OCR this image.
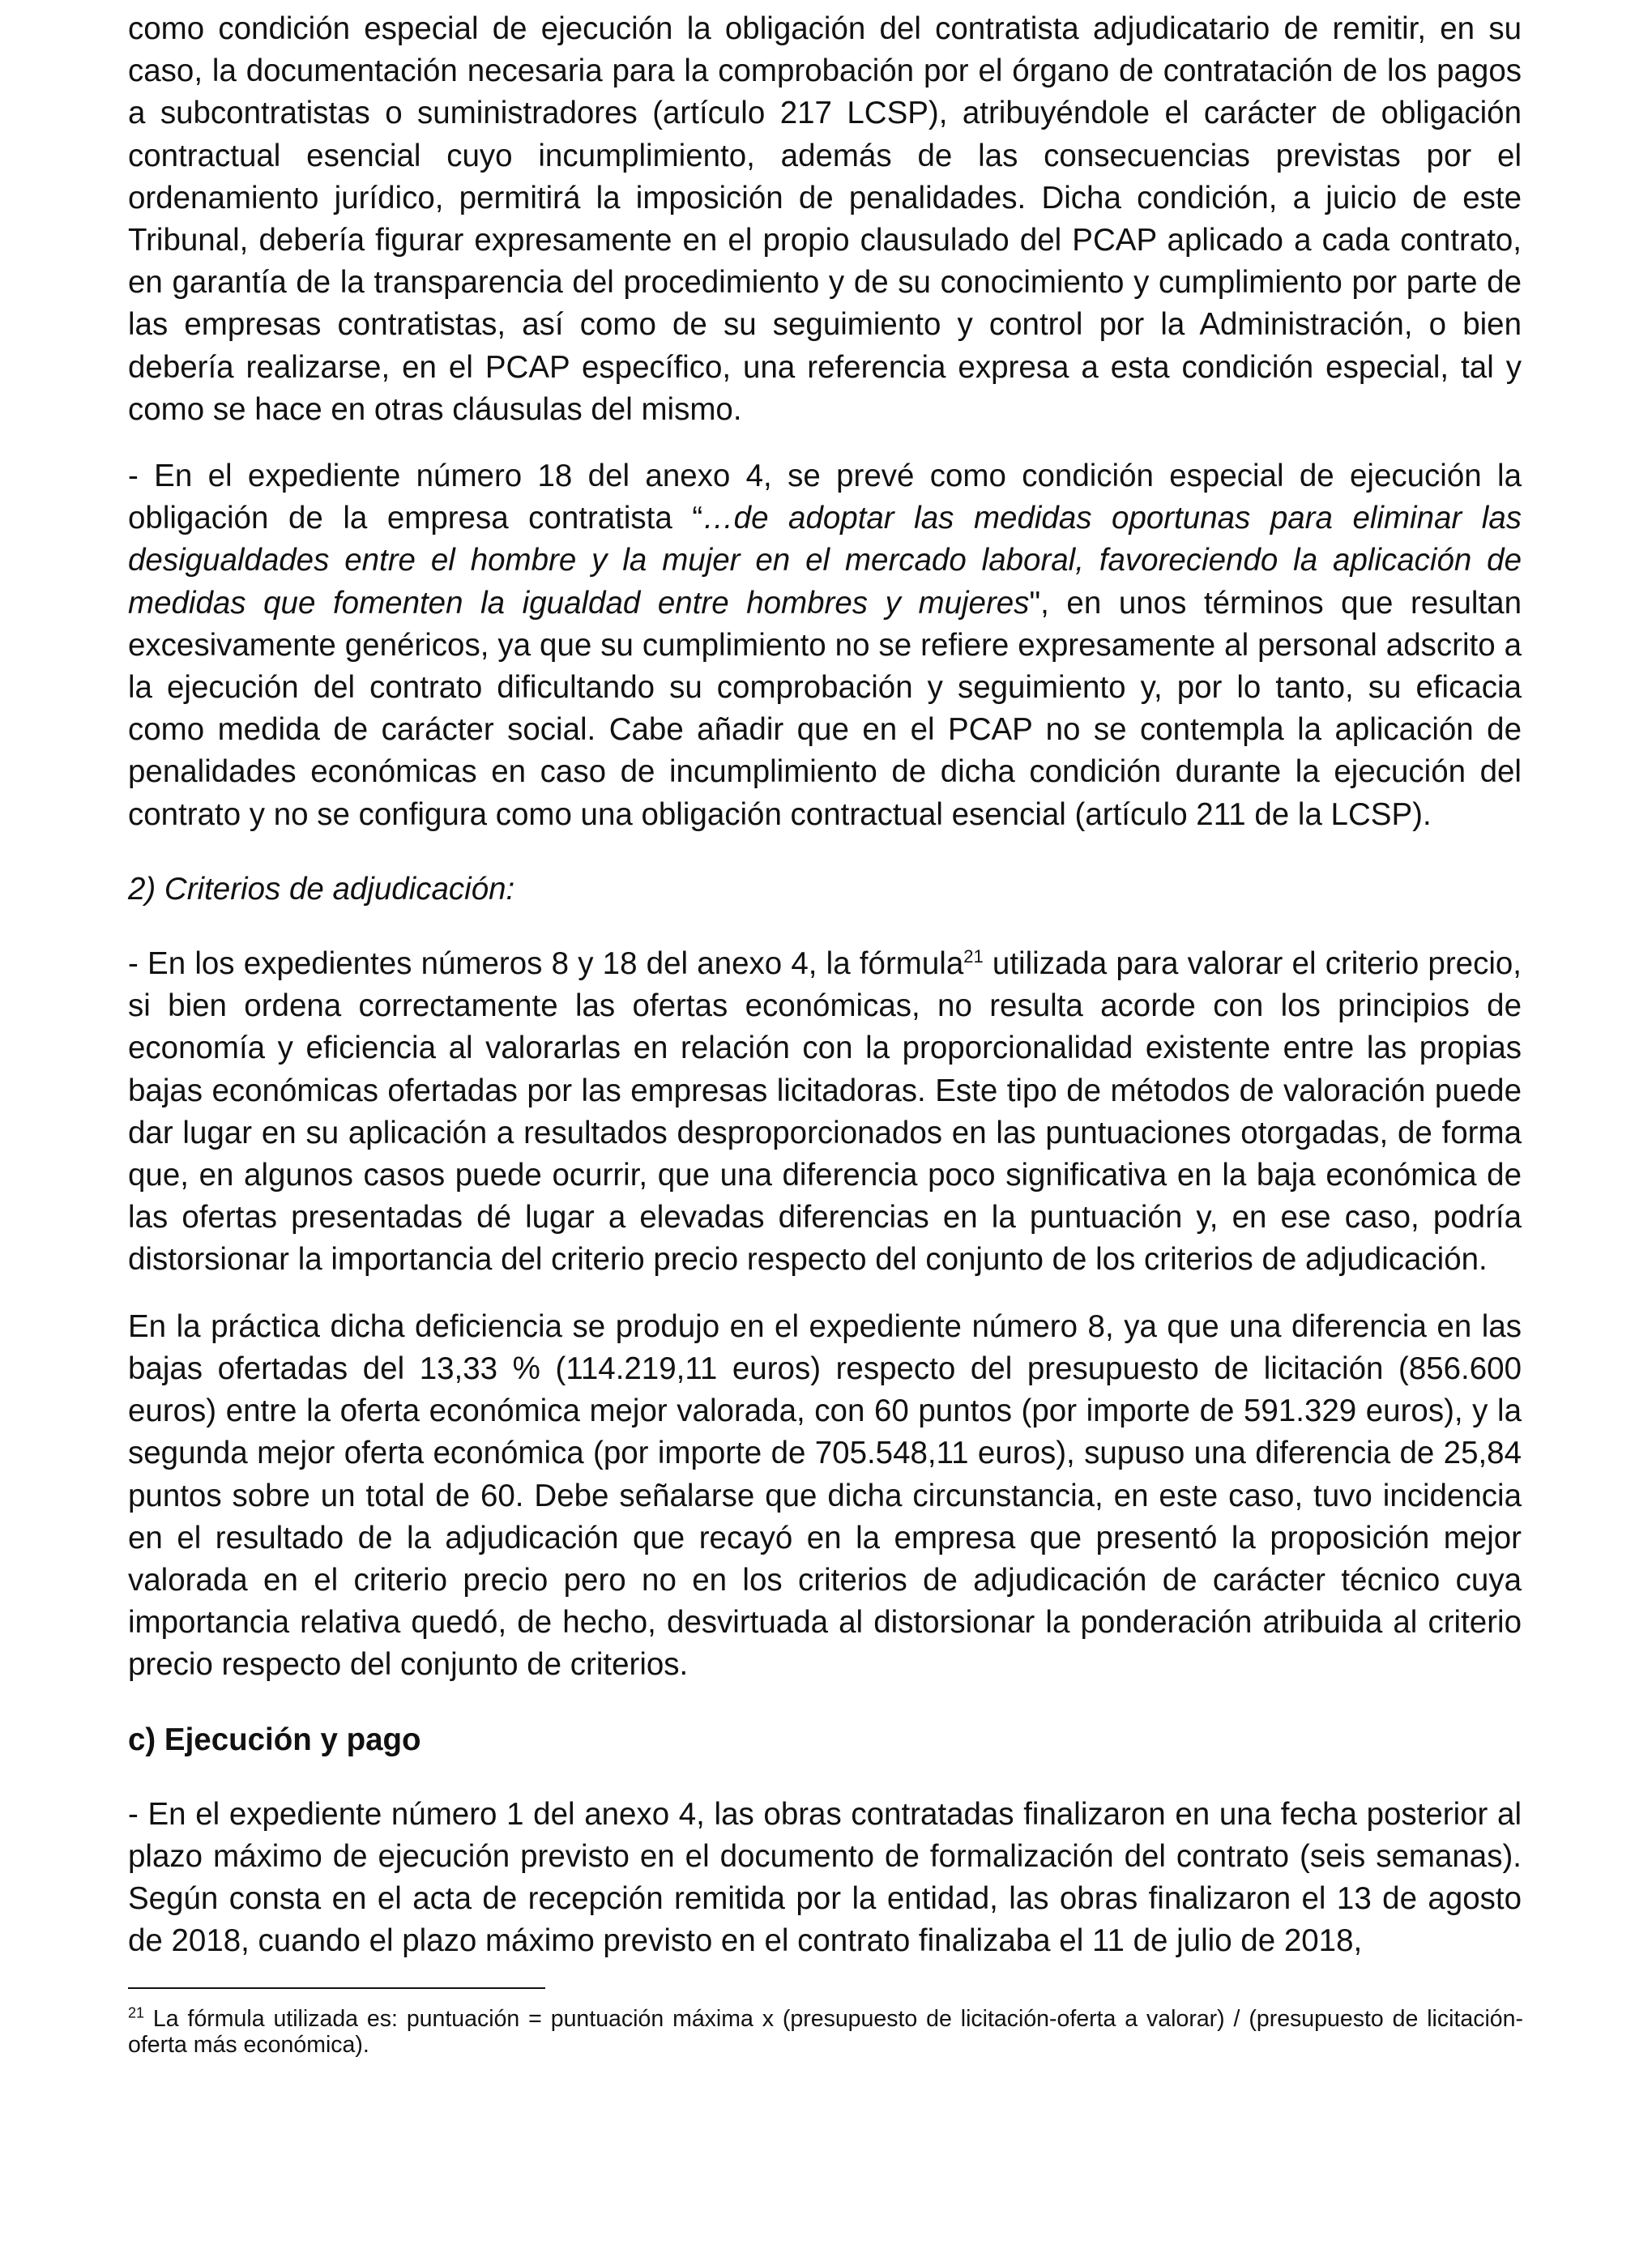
como condición especial de ejecución la obligación del contratista adjudicatario de remitir, en su caso, la documentación necesaria para la comprobación por el órgano de contratación de los pagos a subcontratistas o suministradores (artículo 217 LCSP), atribuyéndole el carácter de obligación contractual esencial cuyo incumplimiento, además de las consecuencias previstas por el ordenamiento jurídico, permitirá la imposición de penalidades. Dicha condición, a juicio de este Tribunal, debería figurar expresamente en el propio clausulado del PCAP aplicado a cada contrato, en garantía de la transparencia del procedimiento y de su conocimiento y cumplimiento por parte de las empresas contratistas, así como de su seguimiento y control por la Administración, o bien debería realizarse, en el PCAP específico, una referencia expresa a esta condición especial, tal y como se hace en otras cláusulas del mismo.

- En el expediente número 18 del anexo 4, se prevé como condición especial de ejecución la obligación de la empresa contratista “…de adoptar las medidas oportunas para eliminar las desigualdades entre el hombre y la mujer en el mercado laboral, favoreciendo la aplicación de medidas que fomenten la igualdad entre hombres y mujeres", en unos términos que resultan excesivamente genéricos, ya que su cumplimiento no se refiere expresamente al personal adscrito a la ejecución del contrato dificultando su comprobación y seguimiento y, por lo tanto, su eficacia como medida de carácter social. Cabe añadir que en el PCAP no se contempla la aplicación de penalidades económicas en caso de incumplimiento de dicha condición durante la ejecución del contrato y no se configura como una obligación contractual esencial (artículo 211 de la LCSP).

2) Criterios de adjudicación:

- En los expedientes números 8 y 18 del anexo 4, la fórmula$^{21}$ utilizada para valorar el criterio precio, si bien ordena correctamente las ofertas económicas, no resulta acorde con los principios de economía y eficiencia al valorarlas en relación con la proporcionalidad existente entre las propias bajas económicas ofertadas por las empresas licitadoras. Este tipo de métodos de valoración puede dar lugar en su aplicación a resultados desproporcionados en las puntuaciones otorgadas, de forma que, en algunos casos puede ocurrir, que una diferencia poco significativa en la baja económica de las ofertas presentadas dé lugar a elevadas diferencias en la puntuación y, en ese caso, podría distorsionar la importancia del criterio precio respecto del conjunto de los criterios de adjudicación.

En la práctica dicha deficiencia se produjo en el expediente número 8, ya que una diferencia en las bajas ofertadas del 13,33 % (114.219,11 euros) respecto del presupuesto de licitación (856.600 euros) entre la oferta económica mejor valorada, con 60 puntos (por importe de 591.329 euros), y la segunda mejor oferta económica (por importe de 705.548,11 euros), supuso una diferencia de 25,84 puntos sobre un total de 60. Debe señalarse que dicha circunstancia, en este caso, tuvo incidencia en el resultado de la adjudicación que recayó en la empresa que presentó la proposición mejor valorada en el criterio precio pero no en los criterios de adjudicación de carácter técnico cuya importancia relativa quedó, de hecho, desvirtuada al distorsionar la ponderación atribuida al criterio precio respecto del conjunto de criterios.

c) Ejecución y pago

- En el expediente número 1 del anexo 4, las obras contratadas finalizaron en una fecha posterior al plazo máximo de ejecución previsto en el documento de formalización del contrato (seis semanas). Según consta en el acta de recepción remitida por la entidad, las obras finalizaron el 13 de agosto de 2018, cuando el plazo máximo previsto en el contrato finalizaba el 11 de julio de 2018,

$^{21}$ La fórmula utilizada es: puntuación = puntuación máxima x (presupuesto de licitación-oferta a valorar) / (presupuesto de licitación-oferta más económica).
